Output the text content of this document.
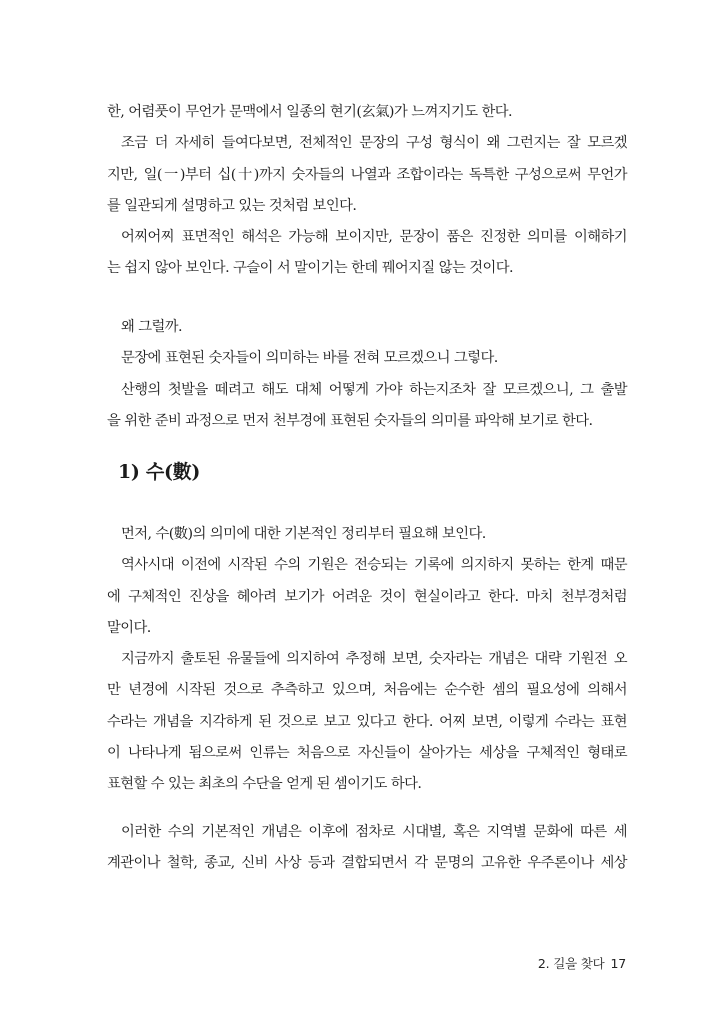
한, 어렴풋이 무언가 문맥에서 일종의 현기(玄氣)가 느껴지기도 한다.
조금 더 자세히 들여다보면, 전체적인 문장의 구성 형식이 왜 그런지는 잘 모르겠
지만, 일(一)부터 십(十)까지 숫자들의 나열과 조합이라는 독특한 구성으로써 무언가
를 일관되게 설명하고 있는 것처럼 보인다.
어찌어찌 표면적인 해석은 가능해 보이지만, 문장이 품은 진정한 의미를 이해하기
는 쉽지 않아 보인다. 구슬이 서 말이기는 한데 꿰어지질 않는 것이다.
왜 그럴까.
문장에 표현된 숫자들이 의미하는 바를 전혀 모르겠으니 그렇다.
산행의 첫발을 떼려고 해도 대체 어떻게 가야 하는지조차 잘 모르겠으니, 그 출발
을 위한 준비 과정으로 먼저 천부경에 표현된 숫자들의 의미를 파악해 보기로 한다.
1) 수(數)
먼저, 수(數)의 의미에 대한 기본적인 정리부터 필요해 보인다.
역사시대 이전에 시작된 수의 기원은 전승되는 기록에 의지하지 못하는 한계 때문
에 구체적인 진상을 헤아려 보기가 어려운 것이 현실이라고 한다. 마치 천부경처럼
말이다.
지금까지 출토된 유물들에 의지하여 추정해 보면, 숫자라는 개념은 대략 기원전 오
만 년경에 시작된 것으로 추측하고 있으며, 처음에는 순수한 셈의 필요성에 의해서
수라는 개념을 지각하게 된 것으로 보고 있다고 한다. 어찌 보면, 이렇게 수라는 표현
이 나타나게 됨으로써 인류는 처음으로 자신들이 살아가는 세상을 구체적인 형태로
표현할 수 있는 최초의 수단을 얻게 된 셈이기도 하다.
이러한 수의 기본적인 개념은 이후에 점차로 시대별, 혹은 지역별 문화에 따른 세
계관이나 철학, 종교, 신비 사상 등과 결합되면서 각 문명의 고유한 우주론이나 세상
2. 길을 찾다 17
